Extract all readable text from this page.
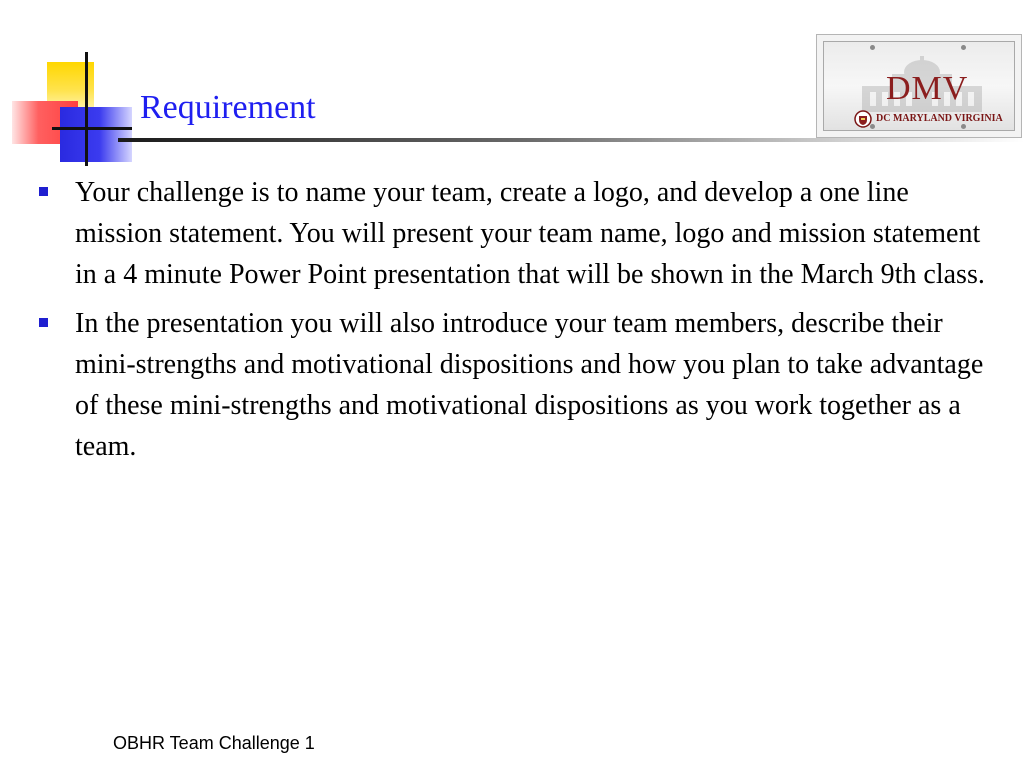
Requirement
DMV
DC MARYLAND VIRGINIA
Your challenge is to name your team, create a logo, and develop a one line mission statement. You will present your team name, logo and mission statement in a 4 minute Power Point presentation that will be shown in the March 9th class.
In the presentation you will also introduce your team members, describe their mini-strengths and motivational dispositions and how you plan to take advantage of these mini-strengths and motivational dispositions as you work together as a team.
OBHR Team Challenge 1
